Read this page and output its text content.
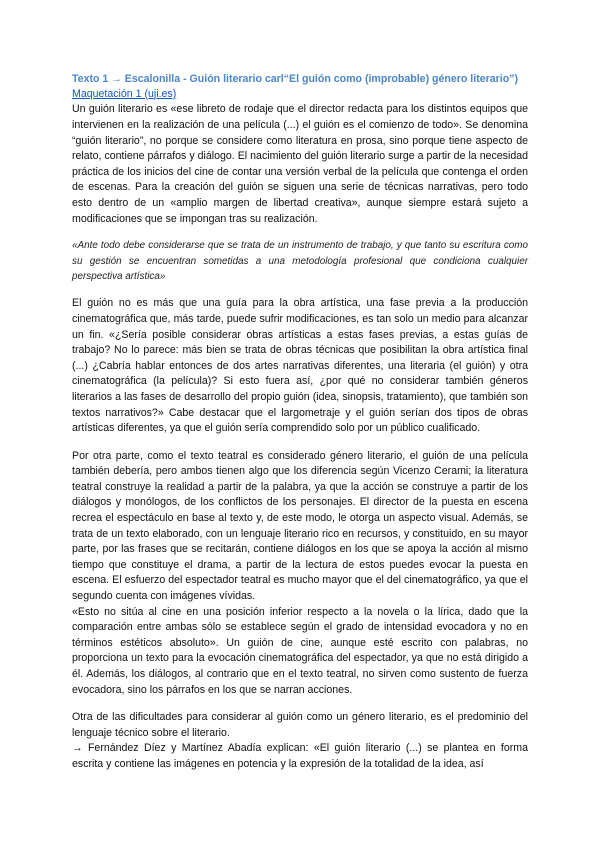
Texto 1 → Escalonilla - Guión literario carl“El guión como (improbable) género literario”)

Maquetación 1 (uji.es)

Un guión literario es «ese libreto de rodaje que el director redacta para los distintos equipos que intervienen en la realización de una película (...) el guión es el comienzo de todo». Se denomina “guión literario”, no porque se considere como literatura en prosa, sino porque tiene aspecto de relato, contiene párrafos y diálogo. El nacimiento del guión literario surge a partir de la necesidad práctica de los inicios del cine de contar una versión verbal de la película que contenga el orden de escenas. Para la creación del guión se siguen una serie de técnicas narrativas, pero todo esto dentro de un «amplio margen de libertad creativa», aunque siempre estará sujeto a modificaciones que se impongan tras su realización.

«Ante todo debe considerarse que se trata de un instrumento de trabajo, y que tanto su escritura como su gestión se encuentran sometidas a una metodología profesional que condiciona cualquier perspectiva artística»

El guión no es más que una guía para la obra artística, una fase previa a la producción cinematográfica que, más tarde, puede sufrir modificaciones, es tan solo un medio para alcanzar un fin. «¿Sería posible considerar obras artísticas a estas fases previas, a estas guías de trabajo? No lo parece: más bien se trata de obras técnicas que posibilitan la obra artística final (...) ¿Cabría hablar entonces de dos artes narrativas diferentes, una literaria (el guión) y otra cinematográfica (la película)? Si esto fuera así, ¿por qué no considerar también géneros literarios a las fases de desarrollo del propio guión (idea, sinopsis, tratamiento), que también son textos narrativos?» Cabe destacar que el largometraje y el guión serían dos tipos de obras artísticas diferentes, ya que el guión sería comprendido solo por un público cualificado.

Por otra parte, como el texto teatral es considerado género literario, el guión de una película también debería, pero ambos tienen algo que los diferencia según Vicenzo Cerami; la literatura teatral construye la realidad a partir de la palabra, ya que la acción se construye a partir de los diálogos y monólogos, de los conflictos de los personajes. El director de la puesta en escena recrea el espectáculo en base al texto y, de este modo, le otorga un aspecto visual. Además, se trata de un texto elaborado, con un lenguaje literario rico en recursos, y constituido, en su mayor parte, por las frases que se recitarán, contiene diálogos en los que se apoya la acción al mismo tiempo que constituye el drama, a partir de la lectura de estos puedes evocar la puesta en escena. El esfuerzo del espectador teatral es mucho mayor que el del cinematográfico, ya que el segundo cuenta con imágenes vívidas.

«Esto no sitúa al cine en una posición inferior respecto a la novela o la lírica, dado que la comparación entre ambas sólo se establece según el grado de intensidad evocadora y no en términos estéticos absoluto». Un guión de cine, aunque esté escrito con palabras, no proporciona un texto para la evocación cinematográfica del espectador, ya que no está dirigido a él. Además, los diálogos, al contrario que en el texto teatral, no sirven como sustento de fuerza evocadora, sino los párrafos en los que se narran acciones.

Otra de las dificultades para considerar al guión como un género literario, es el predominio del lenguaje técnico sobre el literario.

→ Fernández Díez y Martínez Abadía explican: «El guión literario (...) se plantea en forma escrita y contiene las imágenes en potencia y la expresión de la totalidad de la idea, así
